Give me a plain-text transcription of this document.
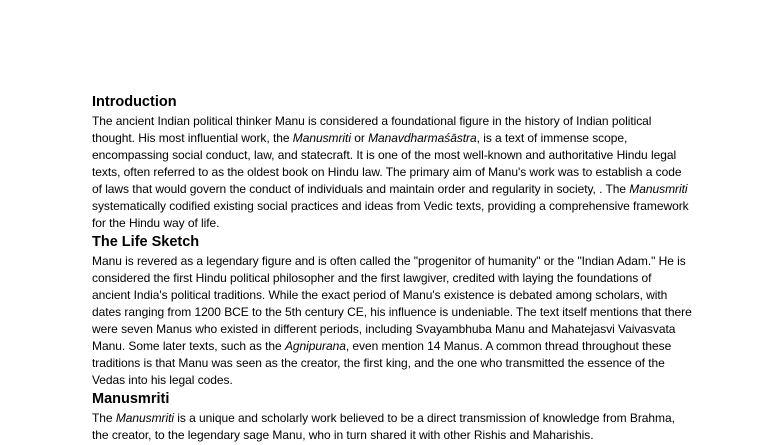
Introduction

The ancient Indian political thinker Manu is considered a foundational figure in the history of Indian political thought. His most influential work, the Manusmriti or Manavdharmaśāstra, is a text of immense scope, encompassing social conduct, law, and statecraft. It is one of the most well-known and authoritative Hindu legal texts, often referred to as the oldest book on Hindu law. The primary aim of Manu's work was to establish a code of laws that would govern the conduct of individuals and maintain order and regularity in society, . The Manusmriti systematically codified existing social practices and ideas from Vedic texts, providing a comprehensive framework for the Hindu way of life.

The Life Sketch

Manu is revered as a legendary figure and is often called the "progenitor of humanity" or the "Indian Adam." He is considered the first Hindu political philosopher and the first lawgiver, credited with laying the foundations of ancient India's political traditions. While the exact period of Manu's existence is debated among scholars, with dates ranging from 1200 BCE to the 5th century CE, his influence is undeniable. The text itself mentions that there were seven Manus who existed in different periods, including Svayambhuba Manu and Mahatejasvi Vaivasvata Manu. Some later texts, such as the Agnipurana, even mention 14 Manus. A common thread throughout these traditions is that Manu was seen as the creator, the first king, and the one who transmitted the essence of the Vedas into his legal codes.

Manusmriti

The Manusmriti is a unique and scholarly work believed to be a direct transmission of knowledge from Brahma, the creator, to the legendary sage Manu, who in turn shared it with other Rishis and Maharishis.
